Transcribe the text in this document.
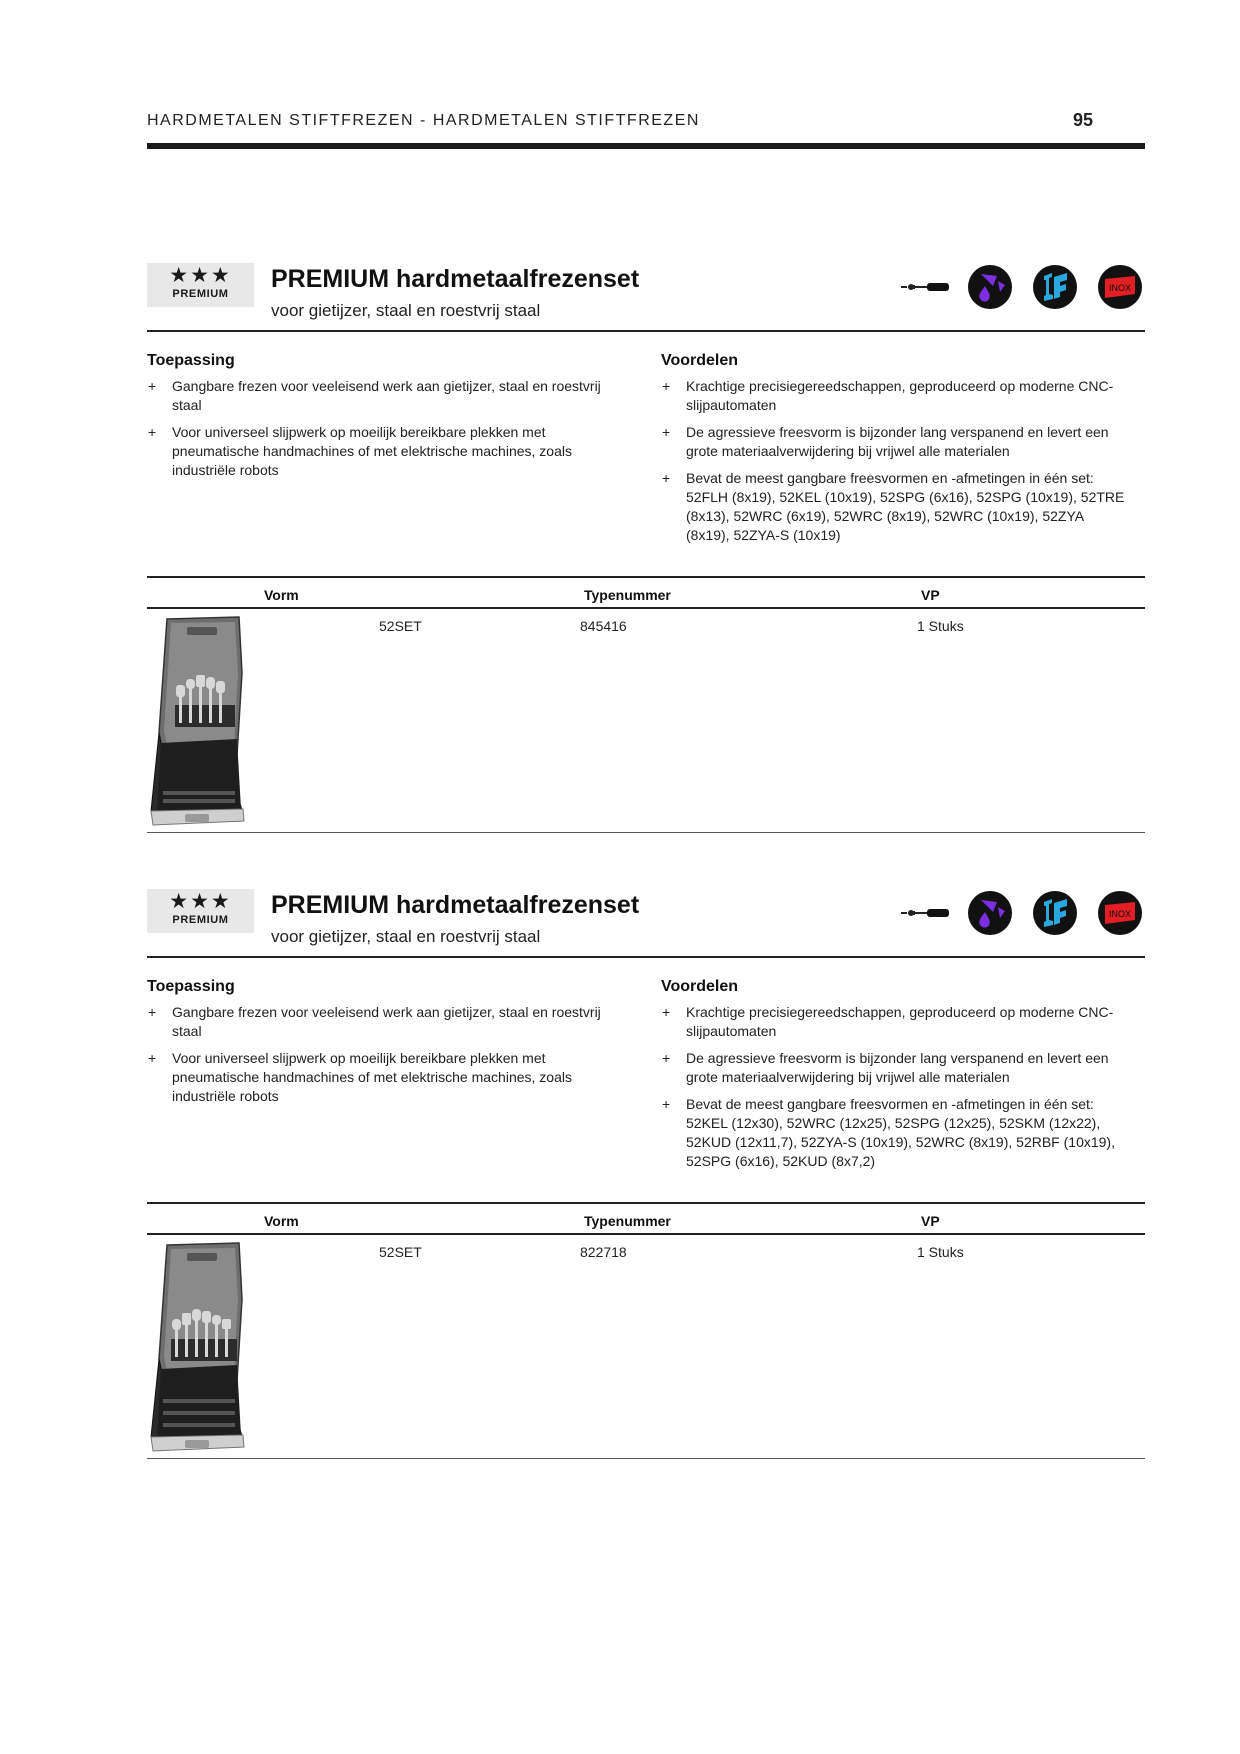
HARDMETALEN STIFTFREZEN - HARDMETALEN STIFTFREZEN	95
★★★
PREMIUM
PREMIUM hardmetaalfrezenset
voor gietijzer, staal en roestvrij staal
INOX
Toepassing
+ Gangbare frezen voor veeleisend werk aan gietijzer, staal en roestvrij staal
+ Voor universeel slijpwerk op moeilijk bereikbare plekken met pneumatische handmachines of met elektrische machines, zoals industriële robots
Voordelen
+ Krachtige precisiegereedschappen, geproduceerd op moderne CNC-slijpautomaten
+ De agressieve freesvorm is bijzonder lang verspanend en levert een grote materiaalverwijdering bij vrijwel alle materialen
+ Bevat de meest gangbare freesvormen en -afmetingen in één set: 52FLH (8x19), 52KEL (10x19), 52SPG (6x16), 52SPG (10x19), 52TRE (8x13), 52WRC (6x19), 52WRC (8x19), 52WRC (10x19), 52ZYA (8x19), 52ZYA-S (10x19)
Vorm	Typenummer	VP
52SET	845416	1 Stuks
★★★
PREMIUM
PREMIUM hardmetaalfrezenset
voor gietijzer, staal en roestvrij staal
INOX
Toepassing
+ Gangbare frezen voor veeleisend werk aan gietijzer, staal en roestvrij staal
+ Voor universeel slijpwerk op moeilijk bereikbare plekken met pneumatische handmachines of met elektrische machines, zoals industriële robots
Voordelen
+ Krachtige precisiegereedschappen, geproduceerd op moderne CNC-slijpautomaten
+ De agressieve freesvorm is bijzonder lang verspanend en levert een grote materiaalverwijdering bij vrijwel alle materialen
+ Bevat de meest gangbare freesvormen en -afmetingen in één set: 52KEL (12x30), 52WRC (12x25), 52SPG (12x25), 52SKM (12x22), 52KUD (12x11,7), 52ZYA-S (10x19), 52WRC (8x19), 52RBF (10x19), 52SPG (6x16), 52KUD (8x7,2)
Vorm	Typenummer	VP
52SET	822718	1 Stuks
